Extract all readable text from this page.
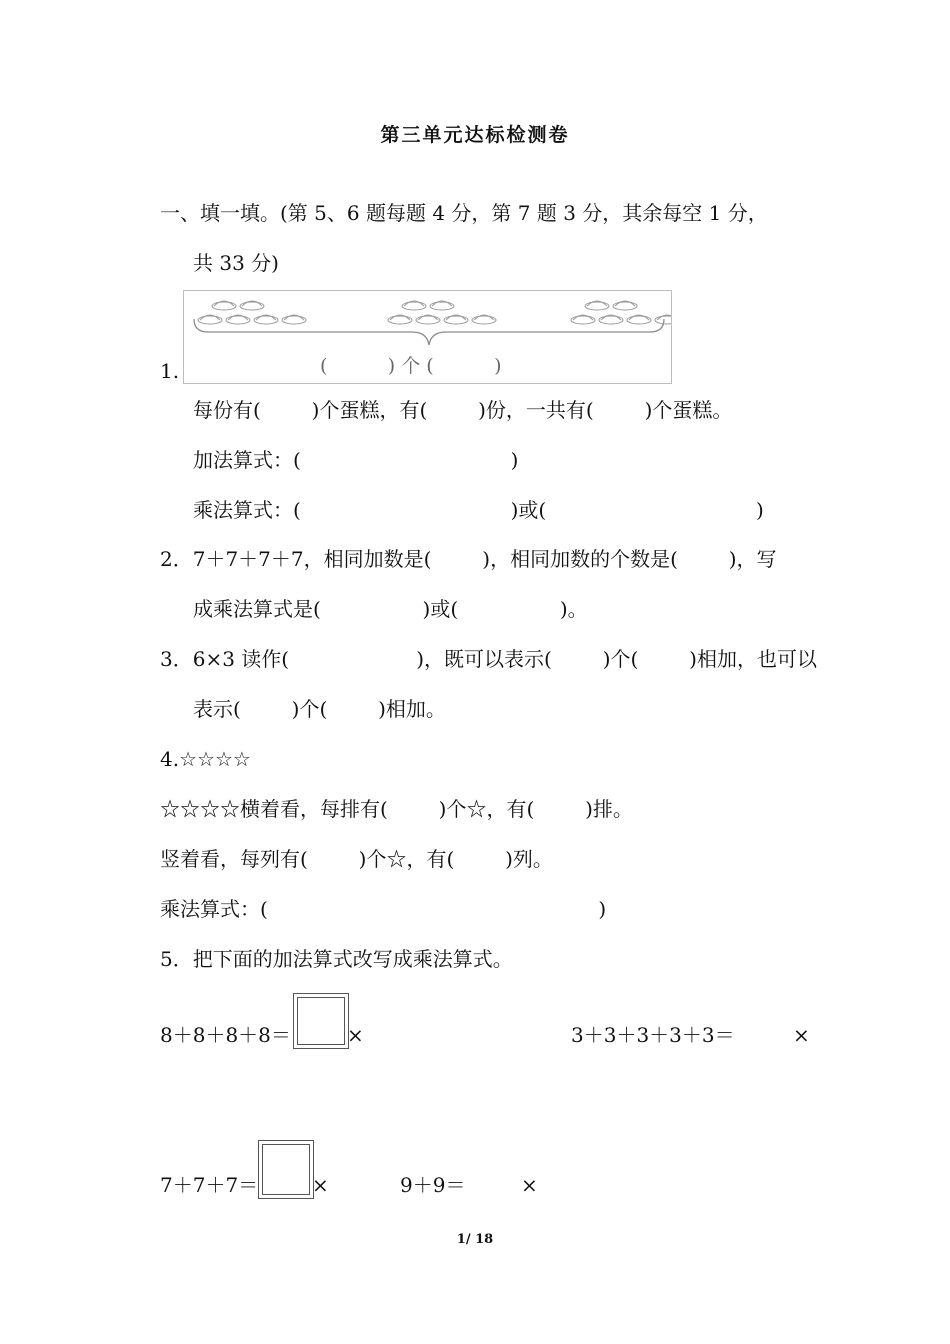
第三单元达标检测卷
一、填一填。(第 5、6 题每题 4 分，第 7 题 3 分，其余每空 1 分，
共 33 分)
1.	(          ) 个 (          )
每份有(        )个蛋糕，有(        )份，一共有(        )个蛋糕。
加法算式：(                                 )
乘法算式：(                                 )或(                                 )
2．7＋7＋7＋7，相同加数是(        )，相同加数的个数是(        )，写
成乘法算式是(                )或(                )。
3．6×3 读作(                    )，既可以表示(        )个(        )相加，也可以
表示(        )个(        )相加。
4.☆☆☆☆
☆☆☆☆横着看，每排有(        )个☆，有(        )排。
竖着看，每列有(        )个☆，有(        )列。
乘法算式：(                                                    )
5．把下面的加法算式改写成乘法算式。
8＋8＋8＋8＝	×	3＋3＋3＋3＋3＝	×
7＋7＋7＝	×	9＋9＝	×
1/ 18
